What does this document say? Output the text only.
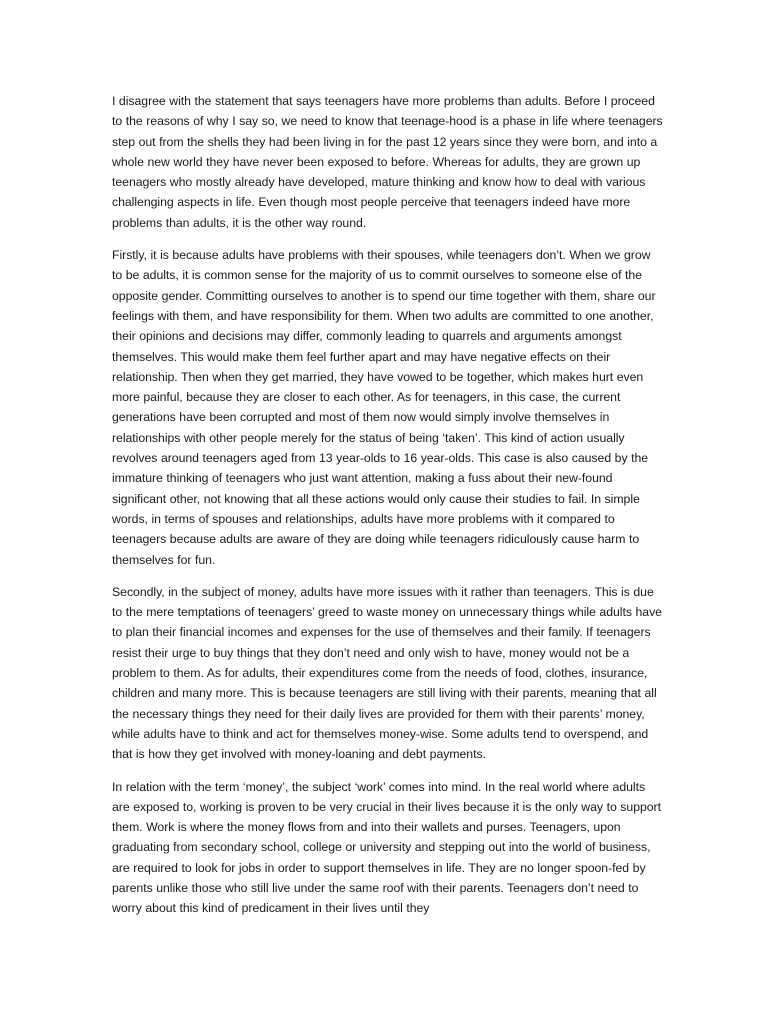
I disagree with the statement that says teenagers have more problems than adults. Before I proceed to the reasons of why I say so, we need to know that teenage-hood is a phase in life where teenagers step out from the shells they had been living in for the past 12 years since they were born, and into a whole new world they have never been exposed to before. Whereas for adults, they are grown up teenagers who mostly already have developed, mature thinking and know how to deal with various challenging aspects in life. Even though most people perceive that teenagers indeed have more problems than adults, it is the other way round.

Firstly, it is because adults have problems with their spouses, while teenagers don’t. When we grow to be adults, it is common sense for the majority of us to commit ourselves to someone else of the opposite gender. Committing ourselves to another is to spend our time together with them, share our feelings with them, and have responsibility for them. When two adults are committed to one another, their opinions and decisions may differ, commonly leading to quarrels and arguments amongst themselves. This would make them feel further apart and may have negative effects on their relationship. Then when they get married, they have vowed to be together, which makes hurt even more painful, because they are closer to each other. As for teenagers, in this case, the current generations have been corrupted and most of them now would simply involve themselves in relationships with other people merely for the status of being ‘taken’. This kind of action usually revolves around teenagers aged from 13 year-olds to 16 year-olds. This case is also caused by the immature thinking of teenagers who just want attention, making a fuss about their new-found significant other, not knowing that all these actions would only cause their studies to fail. In simple words, in terms of spouses and relationships, adults have more problems with it compared to teenagers because adults are aware of they are doing while teenagers ridiculously cause harm to themselves for fun.

Secondly, in the subject of money, adults have more issues with it rather than teenagers. This is due to the mere temptations of teenagers’ greed to waste money on unnecessary things while adults have to plan their financial incomes and expenses for the use of themselves and their family. If teenagers resist their urge to buy things that they don’t need and only wish to have, money would not be a problem to them. As for adults, their expenditures come from the needs of food, clothes, insurance, children and many more. This is because teenagers are still living with their parents, meaning that all the necessary things they need for their daily lives are provided for them with their parents’ money, while adults have to think and act for themselves money-wise. Some adults tend to overspend, and that is how they get involved with money-loaning and debt payments.

In relation with the term ‘money’, the subject ‘work’ comes into mind. In the real world where adults are exposed to, working is proven to be very crucial in their lives because it is the only way to support them. Work is where the money flows from and into their wallets and purses. Teenagers, upon graduating from secondary school, college or university and stepping out into the world of business, are required to look for jobs in order to support themselves in life. They are no longer spoon-fed by parents unlike those who still live under the same roof with their parents. Teenagers don’t need to worry about this kind of predicament in their lives until they
